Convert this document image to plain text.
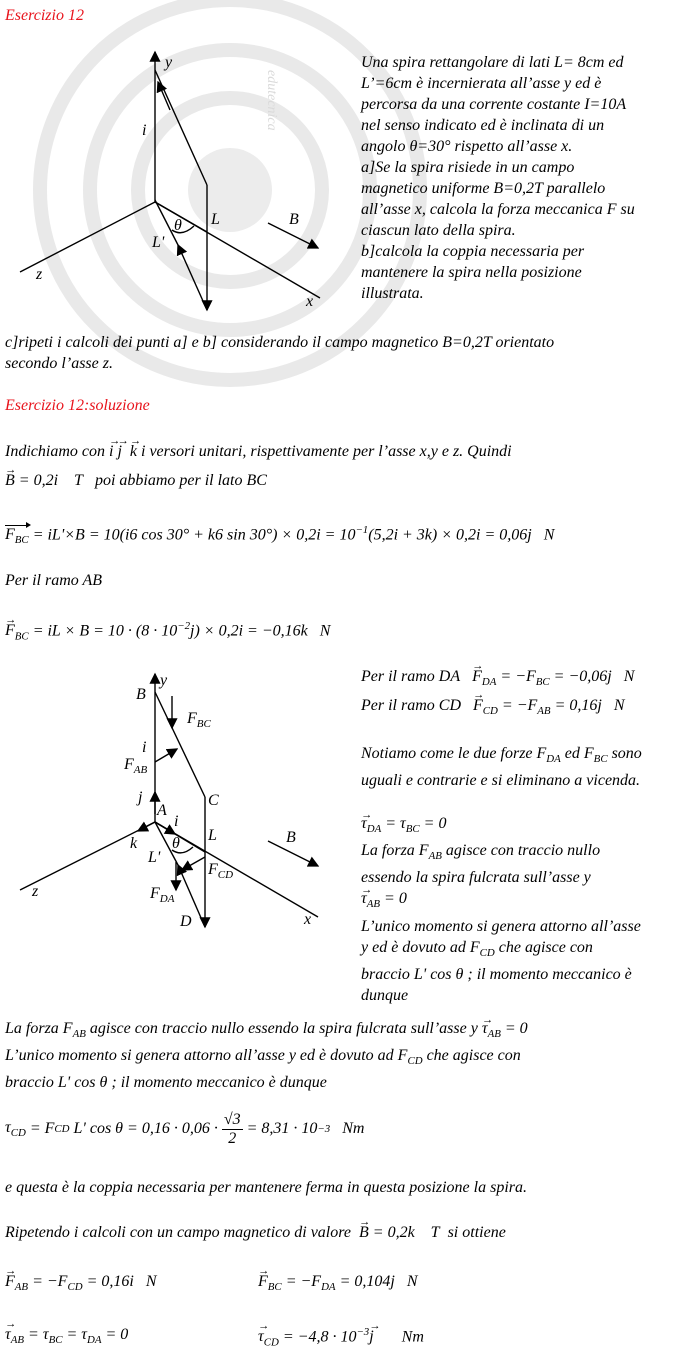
edutecnica
Esercizio 12
y
i
z
x
L
L'
θ	B
Una spira rettangolare di lati L= 8cm ed
L’=6cm è incernierata all’asse y ed è
percorsa da una corrente costante I=10A
nel senso indicato ed è inclinata di un
angolo θ=30° rispetto all’asse x.
a]Se la spira risiede in un campo
magnetico uniforme B=0,2T parallelo
all’asse x, calcola la forza meccanica F su
ciascun lato della spira.
b]calcola la coppia necessaria per
mantenere la spira nella posizione
illustrata.
c]ripeti i calcoli dei punti a] e b] considerando il campo magnetico B=0,2T orientato
secondo l’asse z.
Esercizio 12:soluzione
Indichiamo con → i → j → k i versori unitari, rispettivamente per l’asse x,y e z. Quindi
→ B = 0,2i T poi abbiamo per il lato BC
$F_{BC} = iL'\times B = 10(i6$ cos 30° + k6 $\sin 30^\circ) \times 0,2i = 10^{-1}(5,2i + 3k) \times 0,2i = 0,06j$ N
Per il ramo AB
→ $F_{BC}$ = iL × $B = 10 \cdot (8 \cdot 10^{-2}j) \times 0,2i = -0,16k$ N
B
y
$F_{BC}$
i
$F_{AB}$
j
A
i
C
k	L
L'
θ	B
$F_{CD}$
$F_{DA}$
D
z
x
Per il ramo DA → $F_{DA} = -F_{BC} = -0,06j$ N
Per il ramo CD → $F_{CD} = -F_{AB} = 0,16j$ N
Notiamo come le due forze $F_{DA}$ ed $F_{BC}$ sono
uguali e contrarie e si eliminano a vicenda.
→ $\tau_{DA} = \tau_{BC} = 0$
La forza $F_{AB}$ agisce con traccio nullo
essendo la spira fulcrata sull’asse y
→ $\tau_{AB} = 0$
L’unico momento si genera attorno all’asse
y ed è dovuto ad $F_{CD}$ che agisce con
braccio L' cos θ ; il momento meccanico è
dunque
La forza $F_{AB}$ agisce con traccio nullo essendo la spira fulcrata sull’asse $y \to \tau_{AB} = 0$
L’unico momento si genera attorno all’asse y ed è dovuto ad $F_{CD}$ che agisce con
braccio L' cos θ ; il momento meccanico è dunque
$\tau_{CD} = F$ CD
L' cos θ = 0,16 · 0,06 ·
$\frac{√3}{2}$
= 8,31 · 10 −3
Nm
e questa è la coppia necessaria per mantenere ferma in questa posizione la spira.
Ripetendo i calcoli con un campo magnetico di valore → B = 0,2k T si ottiene
→ $F_{AB} = -F_{CD} = 0,16i$ N	→ $F_{BC} = -F_{DA} = 0,104j$ N
→ $\tau_{AB} = \tau_{BC} = \tau_{DA} = 0$	→ $\tau_{CD} = -4,8 \cdot 10^{-3}\to j$ Nm
